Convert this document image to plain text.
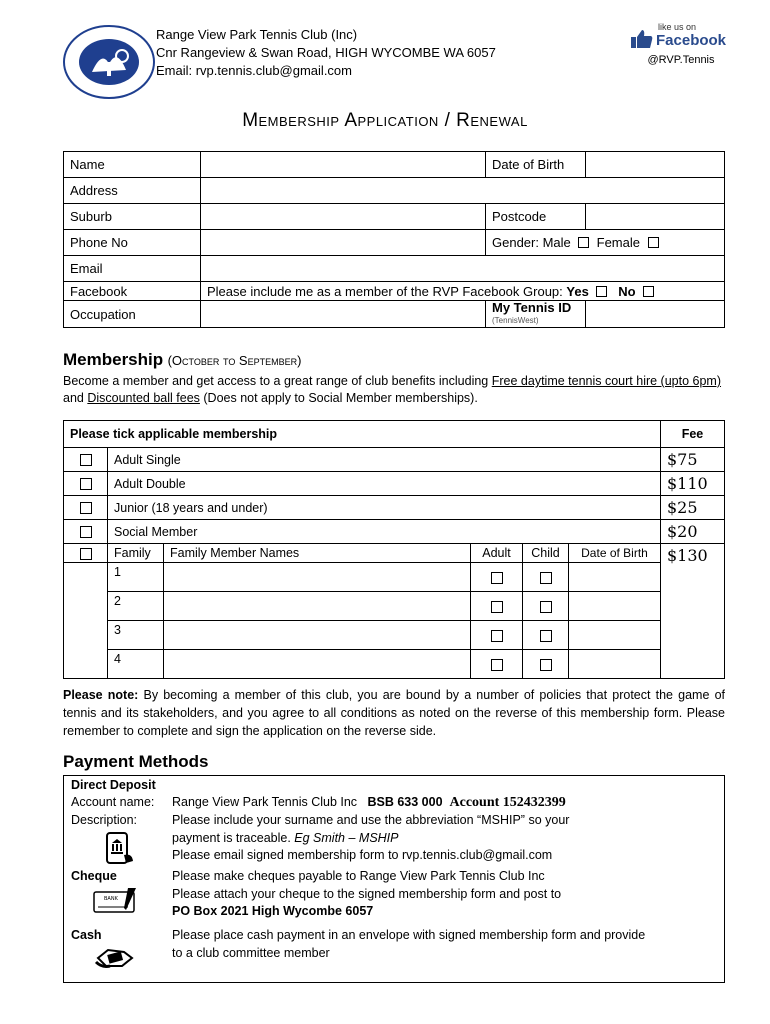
Range View Park Tennis Club (Inc)
Cnr Rangeview & Swan Road, HIGH WYCOMBE WA 6057
Email: rvp.tennis.club@gmail.com
like us on
Facebook
@RVP.Tennis
Membership Application / Renewal
Name		Date of Birth	
Address			
Suburb		Postcode	
Phone No		Gender: Male Female	
Email			
Facebook	Please include me as a member of the RVP Facebook Group: Yes No		
Occupation		My Tennis ID
(TennisWest)	

Membership (October to September)
Become a member and get access to a great range of club benefits including Free daytime tennis court hire (upto 6pm) and Discounted ball fees (Does not apply to Social Member memberships).
Please tick applicable membership						Fee
	Adult Single					$75
	Adult Double					$110
	Junior (18 years and under)					$25
	Social Member					$20
	Family	Family Member Names	Adult	Child	Date of Birth	$130
	1					
	2					
	3					
	4					
Please note: By becoming a member of this club, you are bound by a number of policies that protect the game of tennis and its stakeholders, and you agree to all conditions as noted on the reverse of this membership form. Please remember to complete and sign the application on the reverse side.
Payment Methods
Direct Deposit
Account name: Range View Park Tennis Club Inc BSB 633 000 Account 152432399
Description:	Please include your surname and use the abbreviation “MSHIP” so your
payment is traceable. Eg Smith – MSHIP
Please email signed membership form to rvp.tennis.club@gmail.com
Cheque	Please make cheques payable to Range View Park Tennis Club Inc
Please attach your cheque to the signed membership form and post to
PO Box 2021 High Wycombe 6057
BANK
Cash	Please place cash payment in an envelope with signed membership form and provide
to a club committee member
